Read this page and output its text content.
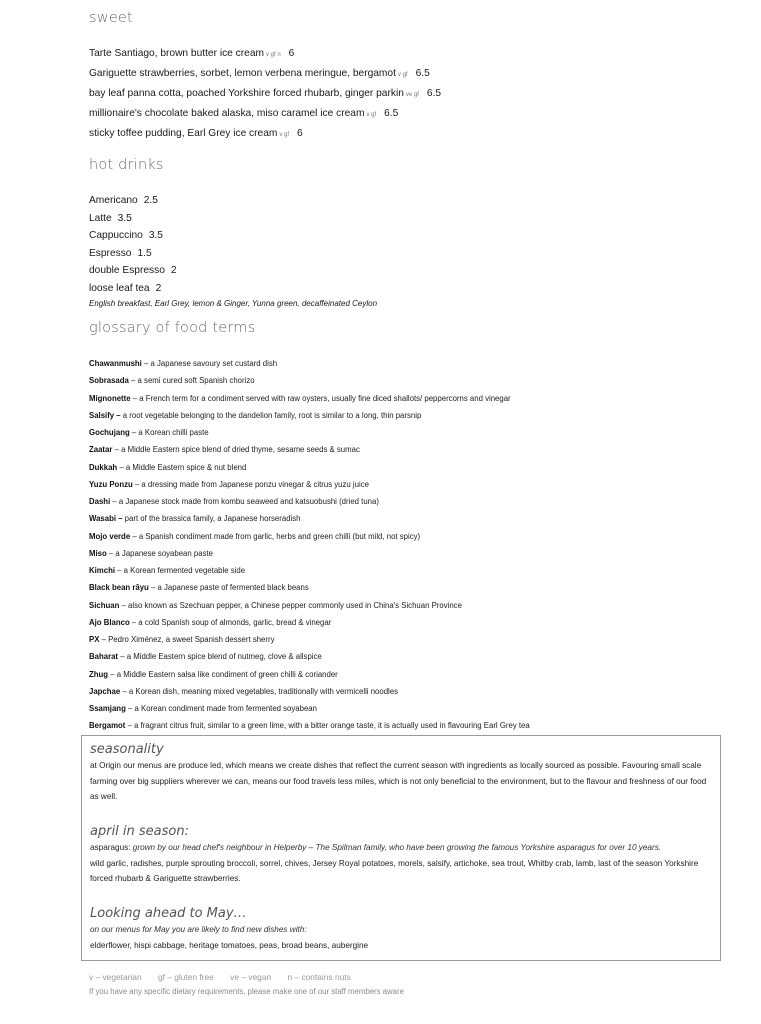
sweet
Tarte Santiago, brown butter ice cream v gf n 6
Gariguette strawberries, sorbet, lemon verbena meringue, bergamot v gf 6.5
bay leaf panna cotta, poached Yorkshire forced rhubarb, ginger parkin ve gf 6.5
millionaire's chocolate baked alaska, miso caramel ice cream v gf 6.5
sticky toffee pudding, Earl Grey ice cream v gf 6
hot drinks
Americano 2.5
Latte 3.5
Cappuccino 3.5
Espresso 1.5
double Espresso 2
loose leaf tea 2
English breakfast, Earl Grey, lemon & Ginger, Yunna green, decaffeinated Ceylon
glossary of food terms
Chawanmushi – a Japanese savoury set custard dish
Sobrasada – a semi cured soft Spanish chorizo
Mignonette – a French term for a condiment served with raw oysters, usually fine diced shallots/ peppercorns and vinegar
Salsify – a root vegetable belonging to the dandelion family, root is similar to a long, thin parsnip
Gochujang – a Korean chilli paste
Zaatar – a Middle Eastern spice blend of dried thyme, sesame seeds & sumac
Dukkah – a Middle Eastern spice & nut blend
Yuzu Ponzu – a dressing made from Japanese ponzu vinegar & citrus yuzu juice
Dashi – a Japanese stock made from kombu seaweed and katsuobushi (dried tuna)
Wasabi – part of the brassica family, a Japanese horseradish
Mojo verde – a Spanish condiment made from garlic, herbs and green chilli (but mild, not spicy)
Miso – a Japanese soyabean paste
Kimchi – a Korean fermented vegetable side
Black bean rāyu – a Japanese paste of fermented black beans
Sichuan – also known as Szechuan pepper, a Chinese pepper commonly used in China's Sichuan Province
Ajo Blanco – a cold Spanish soup of almonds, garlic, bread & vinegar
PX – Pedro Ximénez, a sweet Spanish dessert sherry
Baharat – a Middle Eastern spice blend of nutmeg, clove & allspice
Zhug – a Middle Eastern salsa like condiment of green chilli & coriander
Japchae – a Korean dish, meaning mixed vegetables, traditionally with vermicelli noodles
Ssamjang – a Korean condiment made from fermented soyabean
Bergamot – a fragrant citrus fruit, similar to a green lime, with a bitter orange taste, it is actually used in flavouring Earl Grey tea
seasonality

at Origin our menus are produce led, which means we create dishes that reflect the current season with ingredients as locally sourced as possible. Favouring small scale farming over big suppliers wherever we can, means our food travels less miles, which is not only beneficial to the environment, but to the flavour and freshness of our food as well.

april in season:

asparagus: grown by our head chef's neighbour in Helperby – The Spilman family, who have been growing the famous Yorkshire asparagus for over 10 years.

wild garlic, radishes, purple sprouting broccoli, sorrel, chives, Jersey Royal potatoes, morels, salsify, artichoke, sea trout, Whitby crab, lamb, last of the season Yorkshire forced rhubarb & Gariguette strawberries.

Looking ahead to May…

on our menus for May you are likely to find new dishes with:

elderflower, hispi cabbage, heritage tomatoes, peas, broad beans, aubergine

v – vegetarian gf – gluten free ve – vegan n – contains nuts
If you have any specific dietary requirements, please make one of our staff members aware
